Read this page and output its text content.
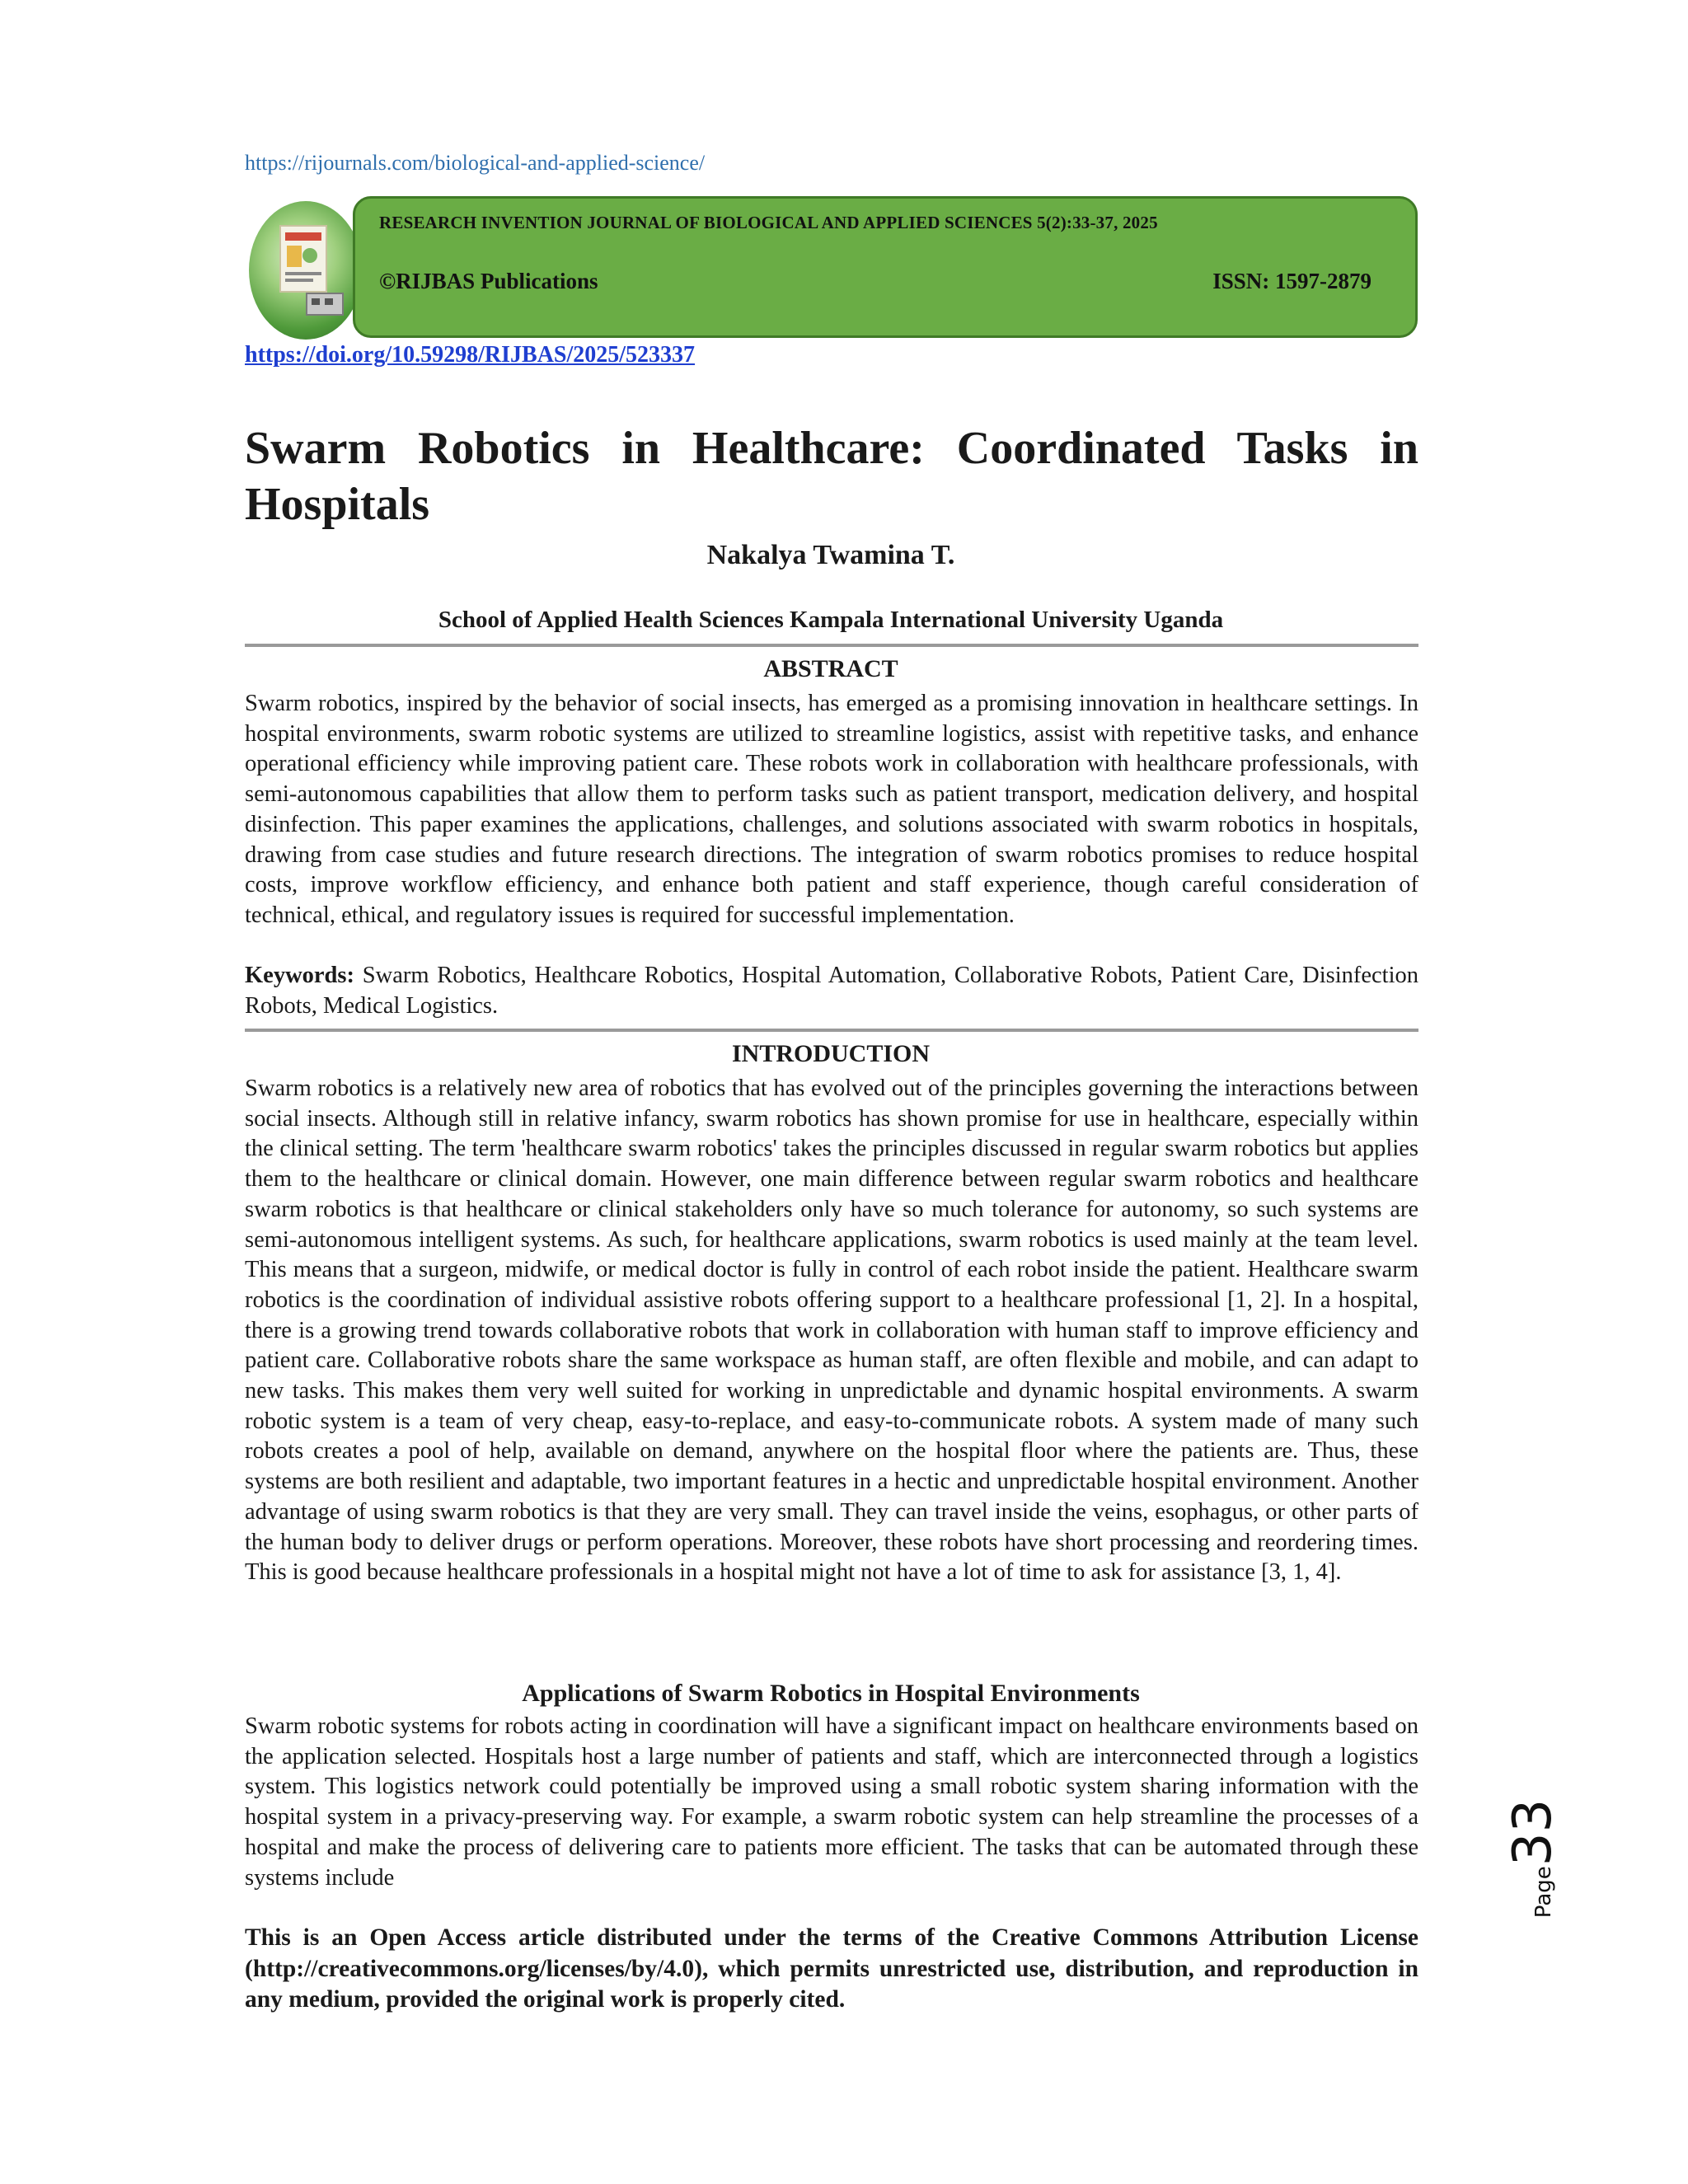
https://rijournals.com/biological-and-applied-science/
RESEARCH INVENTION JOURNAL OF BIOLOGICAL AND APPLIED SCIENCES 5(2):33-37, 2025
©RIJBAS Publications	ISSN: 1597-2879
https://doi.org/10.59298/RIJBAS/2025/523337
Swarm Robotics in Healthcare: Coordinated Tasks in Hospitals
Nakalya Twamina T.
School of Applied Health Sciences Kampala International University Uganda
ABSTRACT

Swarm robotics, inspired by the behavior of social insects, has emerged as a promising innovation in healthcare settings. In hospital environments, swarm robotic systems are utilized to streamline logistics, assist with repetitive tasks, and enhance operational efficiency while improving patient care. These robots work in collaboration with healthcare professionals, with semi-autonomous capabilities that allow them to perform tasks such as patient transport, medication delivery, and hospital disinfection. This paper examines the applications, challenges, and solutions associated with swarm robotics in hospitals, drawing from case studies and future research directions. The integration of swarm robotics promises to reduce hospital costs, improve workflow efficiency, and enhance both patient and staff experience, though careful consideration of technical, ethical, and regulatory issues is required for successful implementation.

Keywords: Swarm Robotics, Healthcare Robotics, Hospital Automation, Collaborative Robots, Patient Care, Disinfection Robots, Medical Logistics.

INTRODUCTION

Swarm robotics is a relatively new area of robotics that has evolved out of the principles governing the interactions between social insects. Although still in relative infancy, swarm robotics has shown promise for use in healthcare, especially within the clinical setting. The term 'healthcare swarm robotics' takes the principles discussed in regular swarm robotics but applies them to the healthcare or clinical domain. However, one main difference between regular swarm robotics and healthcare swarm robotics is that healthcare or clinical stakeholders only have so much tolerance for autonomy, so such systems are semi-autonomous intelligent systems. As such, for healthcare applications, swarm robotics is used mainly at the team level. This means that a surgeon, midwife, or medical doctor is fully in control of each robot inside the patient. Healthcare swarm robotics is the coordination of individual assistive robots offering support to a healthcare professional [1, 2]. In a hospital, there is a growing trend towards collaborative robots that work in collaboration with human staff to improve efficiency and patient care. Collaborative robots share the same workspace as human staff, are often flexible and mobile, and can adapt to new tasks. This makes them very well suited for working in unpredictable and dynamic hospital environments. A swarm robotic system is a team of very cheap, easy-to-replace, and easy-to-communicate robots. A system made of many such robots creates a pool of help, available on demand, anywhere on the hospital floor where the patients are. Thus, these systems are both resilient and adaptable, two important features in a hectic and unpredictable hospital environment. Another advantage of using swarm robotics is that they are very small. They can travel inside the veins, esophagus, or other parts of the human body to deliver drugs or perform operations. Moreover, these robots have short processing and reordering times. This is good because healthcare professionals in a hospital might not have a lot of time to ask for assistance [3, 1, 4].

Applications of Swarm Robotics in Hospital Environments

Swarm robotic systems for robots acting in coordination will have a significant impact on healthcare environments based on the application selected. Hospitals host a large number of patients and staff, which are interconnected through a logistics system. This logistics network could potentially be improved using a small robotic system sharing information with the hospital system in a privacy-preserving way. For example, a swarm robotic system can help streamline the processes of a hospital and make the process of delivering care to patients more efficient. The tasks that can be automated through these systems include

This is an Open Access article distributed under the terms of the Creative Commons Attribution License (http://creativecommons.org/licenses/by/4.0), which permits unrestricted use, distribution, and reproduction in any medium, provided the original work is properly cited.

Page
33
